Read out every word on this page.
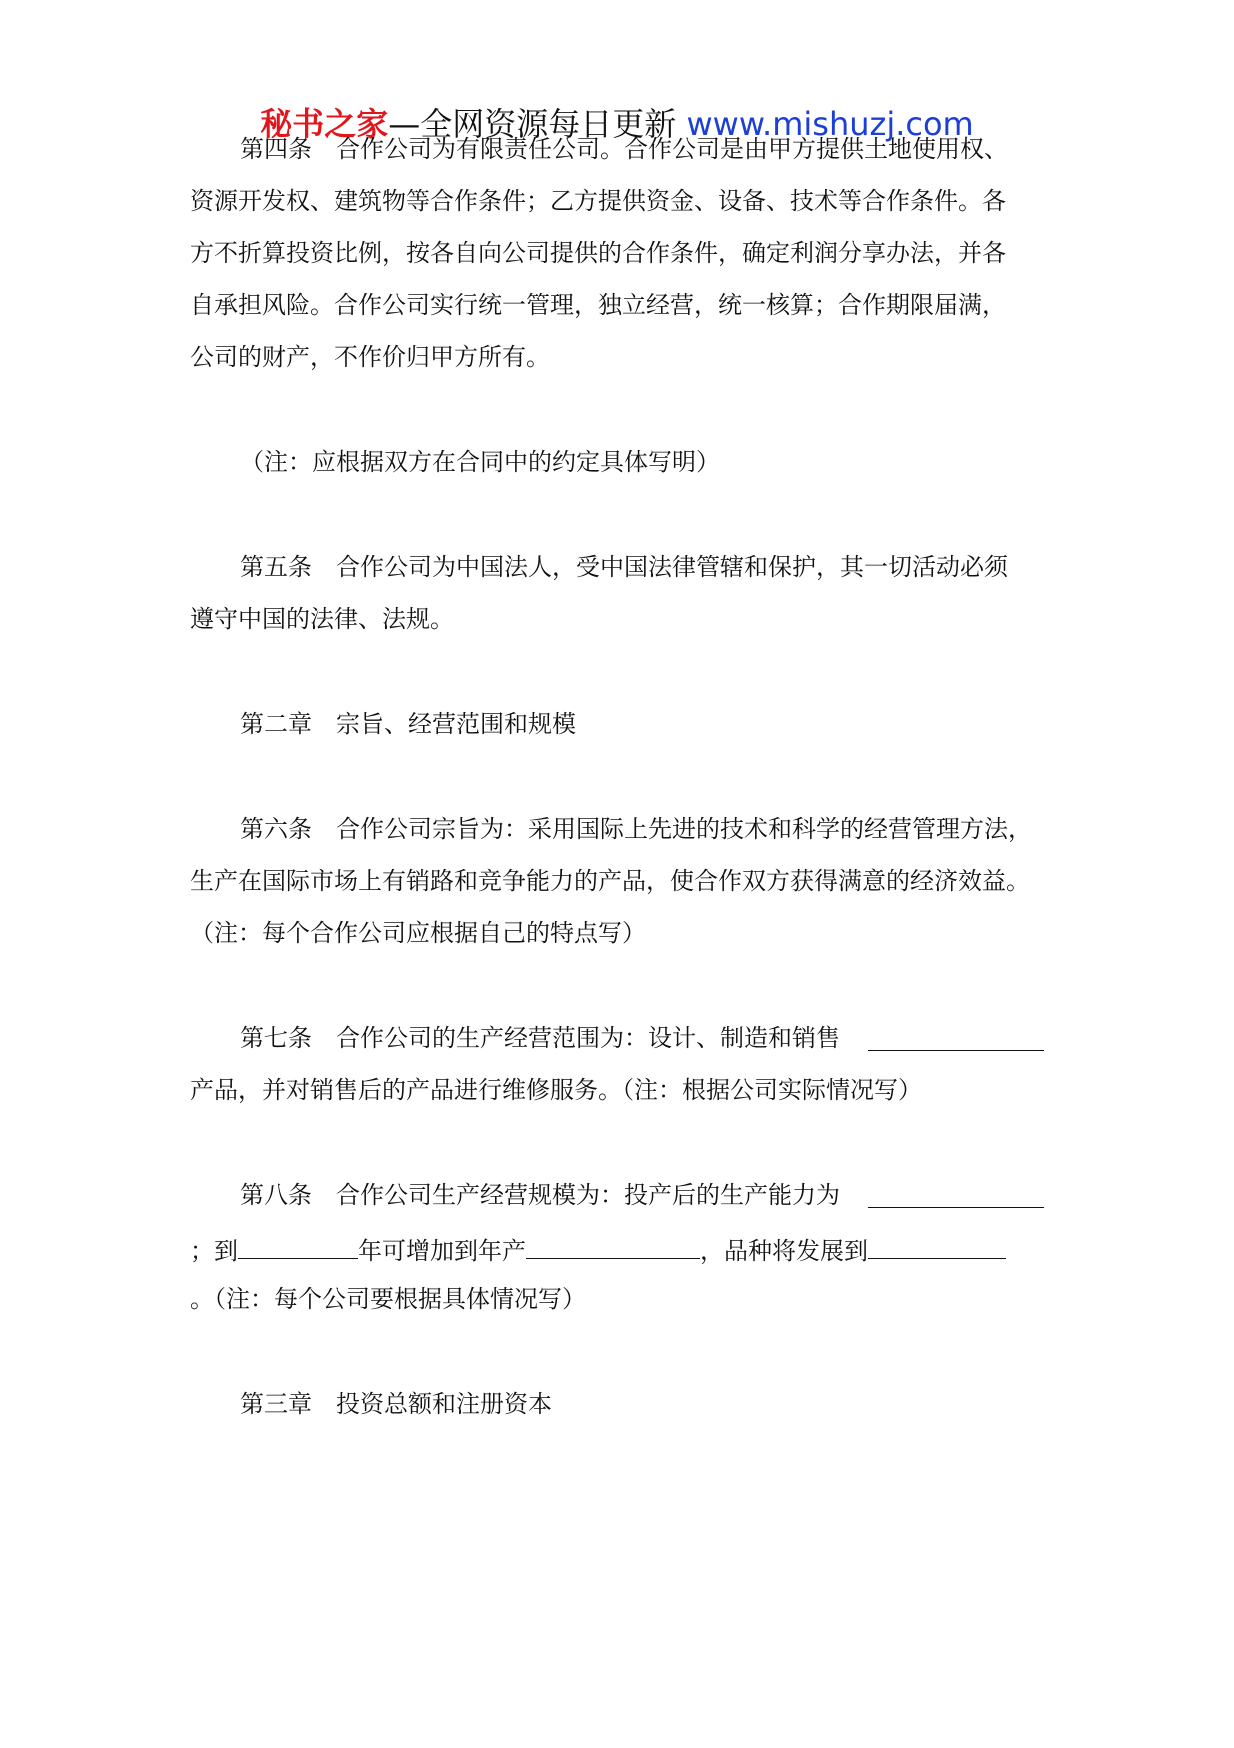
秘书之家—全网资源每日更新 www.mishuzj.com
第四条　合作公司为有限责任公司。合作公司是由甲方提供土地使用权、
资源开发权、建筑物等合作条件；乙方提供资金、设备、技术等合作条件。各
方不折算投资比例，按各自向公司提供的合作条件，确定利润分享办法，并各
自承担风险。合作公司实行统一管理，独立经营，统一核算；合作期限届满，
公司的财产，不作价归甲方所有。
（注：应根据双方在合同中的约定具体写明）
第五条　合作公司为中国法人，受中国法律管辖和保护，其一切活动必须
遵守中国的法律、法规。
第二章　宗旨、经营范围和规模
第六条　合作公司宗旨为：采用国际上先进的技术和科学的经营管理方法，
生产在国际市场上有销路和竞争能力的产品，使合作双方获得满意的经济效益。
（注：每个合作公司应根据自己的特点写）
第七条　合作公司的生产经营范围为：设计、制造和销售
产品，并对销售后的产品进行维修服务。（注：根据公司实际情况写）
第八条　合作公司生产经营规模为：投产后的生产能力为
；到	年可增加到年产	，品种将发展到
。（注：每个公司要根据具体情况写）
第三章　投资总额和注册资本
